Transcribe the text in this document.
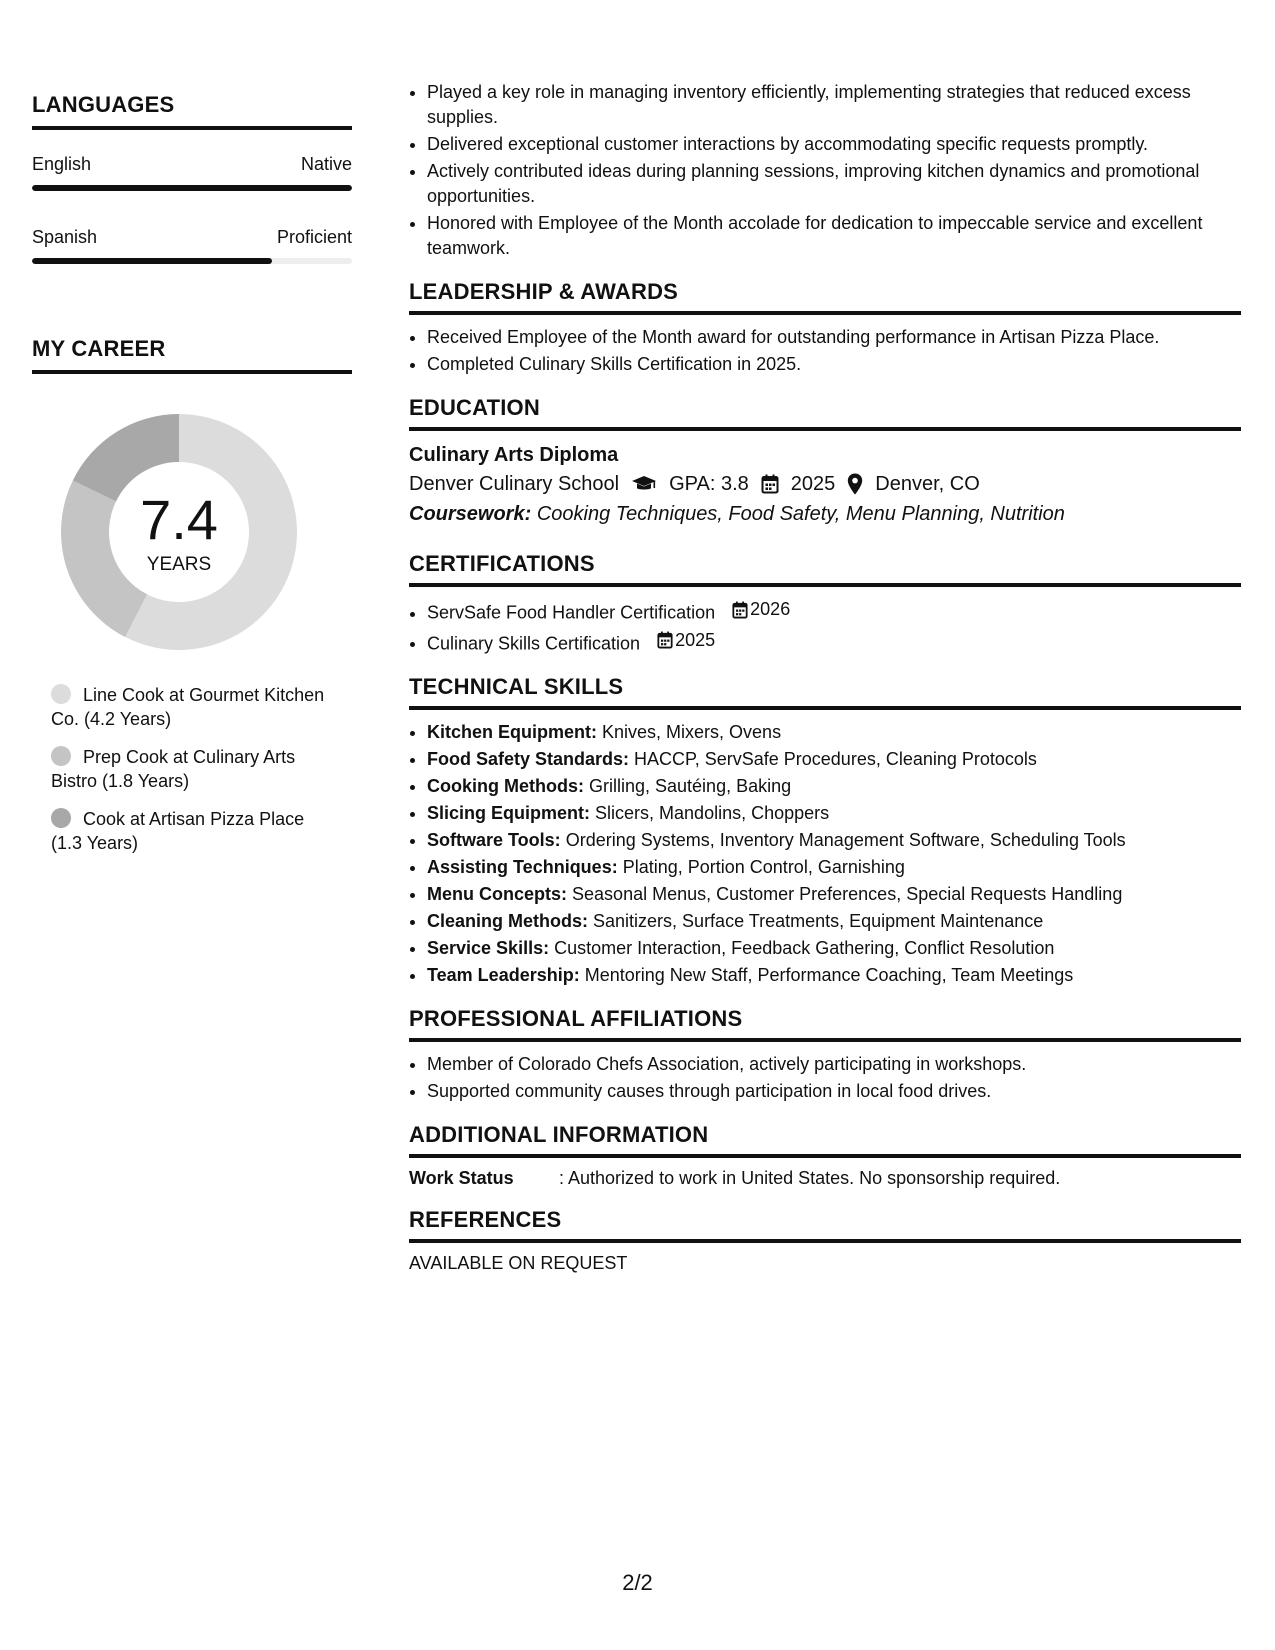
LANGUAGES
English	Native
Spanish	Proficient
MY CAREER
7.4
YEARS
Line Cook at Gourmet Kitchen Co. (4.2 Years)
Prep Cook at Culinary Arts Bistro (1.8 Years)
Cook at Artisan Pizza Place (1.3 Years)
• Played a key role in managing inventory efficiently, implementing strategies that reduced excess supplies.
• Delivered exceptional customer interactions by accommodating specific requests promptly.
• Actively contributed ideas during planning sessions, improving kitchen dynamics and promotional opportunities.
• Honored with Employee of the Month accolade for dedication to impeccable service and excellent teamwork.
LEADERSHIP & AWARDS
• Received Employee of the Month award for outstanding performance in Artisan Pizza Place.
• Completed Culinary Skills Certification in 2025.
EDUCATION
Culinary Arts Diploma
Denver Culinary School	GPA: 3.8 2025 Denver, CO
Coursework: Cooking Techniques, Food Safety, Menu Planning, Nutrition
CERTIFICATIONS
• ServSafe Food Handler Certification 2026
• Culinary Skills Certification 2025
TECHNICAL SKILLS
• Kitchen Equipment: Knives, Mixers, Ovens
• Food Safety Standards: HACCP, ServSafe Procedures, Cleaning Protocols
• Cooking Methods: Grilling, Sautéing, Baking
• Slicing Equipment: Slicers, Mandolins, Choppers
• Software Tools: Ordering Systems, Inventory Management Software, Scheduling Tools
• Assisting Techniques: Plating, Portion Control, Garnishing
• Menu Concepts: Seasonal Menus, Customer Preferences, Special Requests Handling
• Cleaning Methods: Sanitizers, Surface Treatments, Equipment Maintenance
• Service Skills: Customer Interaction, Feedback Gathering, Conflict Resolution
• Team Leadership: Mentoring New Staff, Performance Coaching, Team Meetings
PROFESSIONAL AFFILIATIONS
• Member of Colorado Chefs Association, actively participating in workshops.
• Supported community causes through participation in local food drives.
ADDITIONAL INFORMATION
Work Status	: Authorized to work in United States. No sponsorship required.
REFERENCES
AVAILABLE ON REQUEST
2/2
